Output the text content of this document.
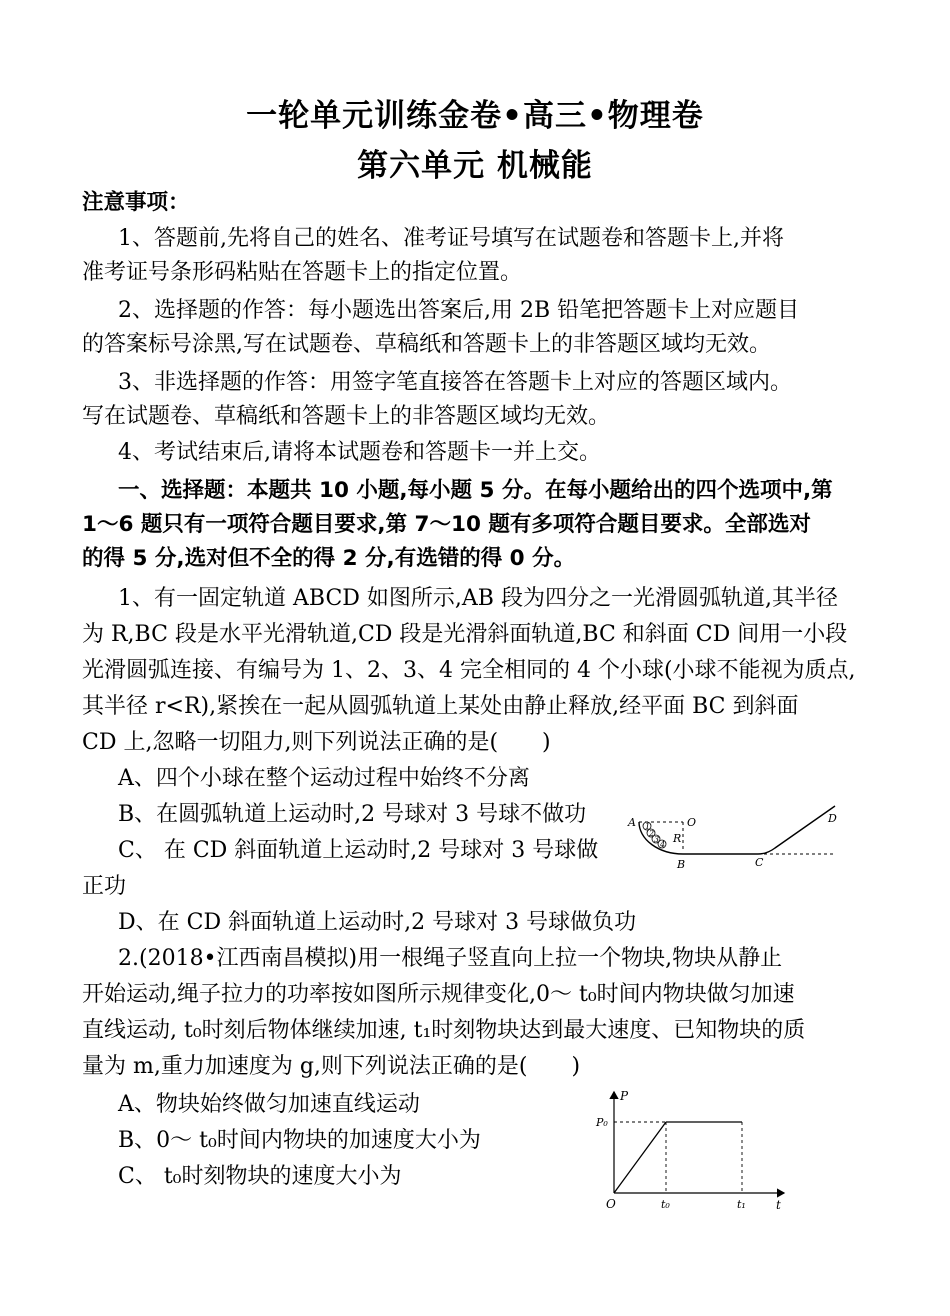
一轮单元训练金卷•高三•物理卷
第六单元 机械能
注意事项：
1、答题前,先将自己的姓名、准考证号填写在试题卷和答题卡上,并将
准考证号条形码粘贴在答题卡上的指定位置。
2、选择题的作答：每小题选出答案后,用 2B 铅笔把答题卡上对应题目
的答案标号涂黑,写在试题卷、草稿纸和答题卡上的非答题区域均无效。
3、非选择题的作答：用签字笔直接答在答题卡上对应的答题区域内。
写在试题卷、草稿纸和答题卡上的非答题区域均无效。
4、考试结束后,请将本试题卷和答题卡一并上交。
一、选择题：本题共 10 小题,每小题 5 分。在每小题给出的四个选项中,第
1～6 题只有一项符合题目要求,第 7～10 题有多项符合题目要求。全部选对
的得 5 分,选对但不全的得 2 分,有选错的得 0 分。
1、有一固定轨道 ABCD 如图所示,AB 段为四分之一光滑圆弧轨道,其半径
为 R,BC 段是水平光滑轨道,CD 段是光滑斜面轨道,BC 和斜面 CD 间用一小段
光滑圆弧连接、有编号为 1、2、3、4 完全相同的 4 个小球(小球不能视为质点,
其半径 r<R),紧挨在一起从圆弧轨道上某处由静止释放,经平面 BC 到斜面
CD 上,忽略一切阻力,则下列说法正确的是(　　)
A、四个小球在整个运动过程中始终不分离
B、在圆弧轨道上运动时,2 号球对 3 号球不做功
C、 在 CD 斜面轨道上运动时,2 号球对 3 号球做
正功
D、在 CD 斜面轨道上运动时,2 号球对 3 号球做负功
1
2
3
4
A	O
R
B	C
D
2.(2018•江西南昌模拟)用一根绳子竖直向上拉一个物块,物块从静止
开始运动,绳子拉力的功率按如图所示规律变化,0～ t₀时间内物块做匀加速
直线运动, t₀时刻后物体继续加速, t₁时刻物块达到最大速度、已知物块的质
量为 m,重力加速度为 g,则下列说法正确的是(　　)
A、物块始终做匀加速直线运动
B、0～ t₀时间内物块的加速度大小为
C、 t₀时刻物块的速度大小为
P
t
O
P₀
t₀	t₁
